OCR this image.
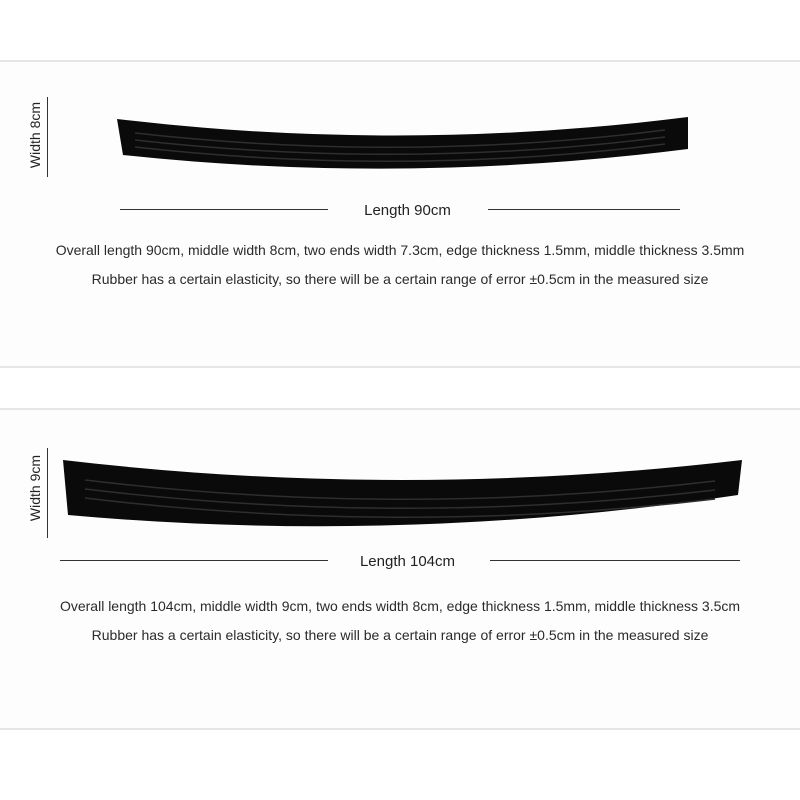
Width 8cm
Length 90cm
Overall length 90cm, middle width 8cm, two ends width 7.3cm, edge thickness 1.5mm, middle thickness 3.5mm
Rubber has a certain elasticity, so there will be a certain range of error ±0.5cm in the measured size
Width 9cm
Length 104cm
Overall length 104cm, middle width 9cm, two ends width 8cm, edge thickness 1.5mm, middle thickness 3.5cm
Rubber has a certain elasticity, so there will be a certain range of error ±0.5cm in the measured size
